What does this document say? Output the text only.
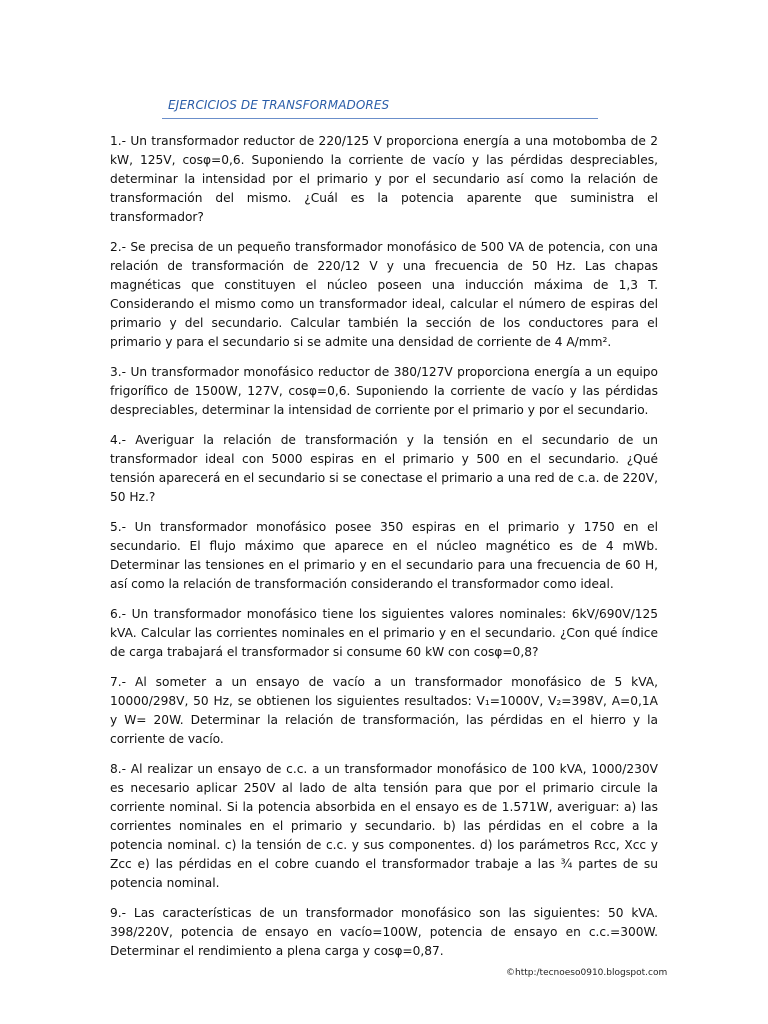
EJERCICIOS DE TRANSFORMADORES

1.- Un transformador reductor de 220/125 V proporciona energía a una motobomba de 2 kW, 125V, cosφ=0,6. Suponiendo la corriente de vacío y las pérdidas despreciables, determinar la intensidad por el primario y por el secundario así como la relación de transformación del mismo. ¿Cuál es la potencia aparente que suministra el transformador?

2.- Se precisa de un pequeño transformador monofásico de 500 VA de potencia, con una relación de transformación de 220/12 V y una frecuencia de 50 Hz. Las chapas magnéticas que constituyen el núcleo poseen una inducción máxima de 1,3 T. Considerando el mismo como un transformador ideal, calcular el número de espiras del primario y del secundario. Calcular también la sección de los conductores para el primario y para el secundario si se admite una densidad de corriente de 4 A/mm².

3.- Un transformador monofásico reductor de 380/127V proporciona energía a un equipo frigorífico de 1500W, 127V, cosφ=0,6. Suponiendo la corriente de vacío y las pérdidas despreciables, determinar la intensidad de corriente por el primario y por el secundario.

4.- Averiguar la relación de transformación y la tensión en el secundario de un transformador ideal con 5000 espiras en el primario y 500 en el secundario. ¿Qué tensión aparecerá en el secundario si se conectase el primario a una red de c.a. de 220V, 50 Hz.?

5.- Un transformador monofásico posee 350 espiras en el primario y 1750 en el secundario. El flujo máximo que aparece en el núcleo magnético es de 4 mWb. Determinar las tensiones en el primario y en el secundario para una frecuencia de 60 H, así como la relación de transformación considerando el transformador como ideal.

6.- Un transformador monofásico tiene los siguientes valores nominales: 6kV/690V/125 kVA. Calcular las corrientes nominales en el primario y en el secundario. ¿Con qué índice de carga trabajará el transformador si consume 60 kW con cosφ=0,8?

7.- Al someter a un ensayo de vacío a un transformador monofásico de 5 kVA, 10000/298V, 50 Hz, se obtienen los siguientes resultados: V₁=1000V, V₂=398V, A=0,1A y W= 20W. Determinar la relación de transformación, las pérdidas en el hierro y la corriente de vacío.

8.- Al realizar un ensayo de c.c. a un transformador monofásico de 100 kVA, 1000/230V es necesario aplicar 250V al lado de alta tensión para que por el primario circule la corriente nominal. Si la potencia absorbida en el ensayo es de 1.571W, averiguar: a) las corrientes nominales en el primario y secundario. b) las pérdidas en el cobre a la potencia nominal. c) la tensión de c.c. y sus componentes. d) los parámetros Rcc, Xcc y Zcc e) las pérdidas en el cobre cuando el transformador trabaje a las ¾ partes de su potencia nominal.

9.- Las características de un transformador monofásico son las siguientes: 50 kVA. 398/220V, potencia de ensayo en vacío=100W, potencia de ensayo en c.c.=300W. Determinar el rendimiento a plena carga y cosφ=0,87.

©http:/tecnoeso0910.blogspot.com
